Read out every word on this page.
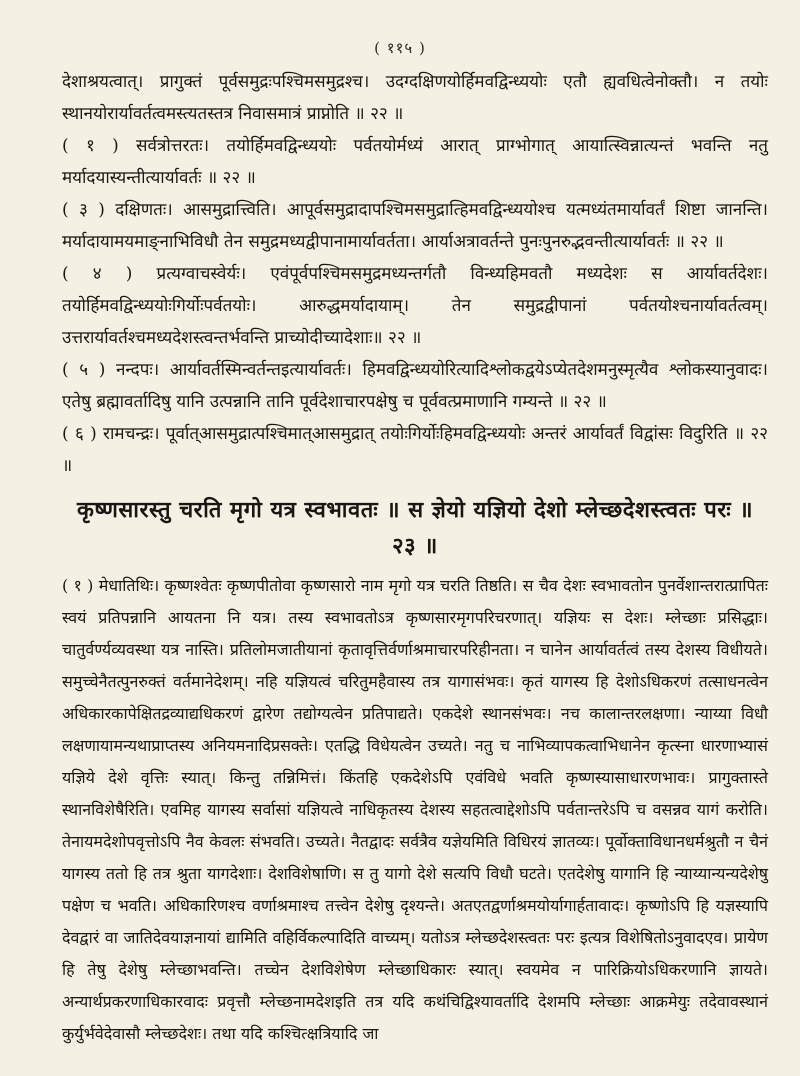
( ११५ )

देशाश्रयत्वात्। प्रागुक्तं पूर्वसमुद्रःपश्चिमसमुद्रश्च। उदग्दक्षिणयोर्हिमवद्विन्ध्ययोः एतौ ह्यवधित्वेनोक्तौ। न तयोः स्थानयोरार्यावर्तत्वमस्त्यतस्तत्र निवासमात्रं प्राप्नोति ॥ २२ ॥

( १ ) सर्वत्रोत्तरतः। तयोर्हिमवद्विन्ध्ययोः पर्वतयोर्मध्यं आरात् प्राग्भोगात् आयात्स्विन्नात्यन्तं भवन्ति नतु मर्यादयास्यन्तीत्यार्यावर्तः ॥ २२ ॥

( ३ ) दक्षिणतः। आसमुद्रात्त्विति। आपूर्वसमुद्रादापश्चिमसमुद्रात्हिमवद्विन्ध्ययोश्च यत्मध्यंतमार्यावर्तं शिष्टा जानन्ति। मर्यादायामयमाङ्नाभिविधौ तेन समुद्रमध्यद्वीपानामार्यावर्तता। आर्याअत्रावर्तन्ते पुनःपुनरुद्भवन्तीत्यार्यावर्तः ॥ २२ ॥

( ४ ) प्रत्यग्वाचस्वेर्यः। एवंपूर्वपश्चिमसमुद्रमध्यन्तर्गतौ विन्ध्यहिमवतौ मध्यदेशः स आर्यावर्तदेशः। तयोर्हिमवद्विन्ध्ययोःगिर्योःपर्वतयोः। आरुद्धमर्यादायाम्। तेन समुद्रद्वीपानां पर्वतयोश्चनार्यावर्तत्वम्। उत्तरार्यावर्तश्चमध्यदेशस्त्वन्तर्भवन्ति प्राच्योदीच्यादेशाः॥ २२ ॥

( ५ ) नन्दपः। आर्यावर्तस्मिन्वर्तन्तइत्यार्यावर्तः। हिमवद्विन्ध्ययोरित्यादिश्लोकद्वयेऽप्येतदेशमनुस्मृत्यैव श्लोकस्यानुवादः। एतेषु ब्रह्मावर्तादिषु यानि उत्पन्नानि तानि पूर्वदेशाचारपक्षेषु च पूर्ववत्प्रमाणानि गम्यन्ते ॥ २२ ॥

( ६ ) रामचन्द्रः। पूर्वात्आसमुद्रात्पश्चिमात्आसमुद्रात् तयोःगिर्योःहिमवद्विन्ध्ययोः अन्तरं आर्यावर्तं विद्वांसः विदुरिति ॥ २२ ॥

कृष्णसारस्तु चरति मृगो यत्र स्वभावतः ॥ स ज्ञेयो यज्ञियो देशो म्लेच्छदेशस्त्वतः परः ॥ २३ ॥

( १ ) मेधातिथिः। कृष्णश्वेतः कृष्णपीतोवा कृष्णसारो नाम मृगो यत्र चरति तिष्ठति। स चैव देशः स्वभावतोन पुनर्वेशान्तरात्प्रापितः स्वयं प्रतिपन्नानि आयतना नि यत्र। तस्य स्वभावतोऽत्र कृष्णसारमृगपरिचरणात्। यज्ञियः स देशः। म्लेच्छाः प्रसिद्धाः। चातुर्वर्ण्यव्यवस्था यत्र नास्ति। प्रतिलोमजातीयानां कृतावृत्तिर्वर्णाश्रमाचारपरिहीनता। न चानेन आर्यावर्तत्वं तस्य देशस्य विधीयते। समुच्चेनैतत्पुनरुक्तं वर्तमानेदेशम्। नहि यज्ञियत्वं चरितुमहैवास्य तत्र यागासंभवः। कृतं यागस्य हि देशोऽधिकरणं तत्साधनत्वेन अधिकारकापेक्षितद्रव्याद्यधिकरणं द्वारेण तद्योग्यत्वेन प्रतिपाद्यते। एकदेशे स्थानसंभवः। नच कालान्तरलक्षणा। न्याय्या विधौ लक्षणायामन्यथाप्राप्तस्य अनियमनादिप्रसक्तेः। एतद्धि विधेयत्वेन उच्यते। नतु च नाभिव्यापकत्वाभिधानेन कृत्स्ना धारणाभ्यासं यज्ञिये देशे वृत्तिः स्यात्। किन्तु तन्निमित्तं। किंतहि एकदेशेऽपि एवंविधे भवति कृष्णस्यासाधारणभावः। प्रागुक्तास्ते स्थानविशेषैरिति। एवमिह यागस्य सर्वासां यज्ञियत्वे नाधिकृतस्य देशस्य सहतत्वाद्देशोऽपि पर्वतान्तरेऽपि च वसन्नव यागं करोति। तेनायमदेशोपवृत्तोऽपि नैव केवलः संभवति। उच्यते। नैतद्वादः सर्वत्रैव यज्ञेयमिति विधिरयं ज्ञातव्यः। पूर्वोक्ताविधानधर्मश्रुतौ न चैनं यागस्य ततो हि तत्र श्रुता यागदेशाः। देशविशेषाणि। स तु यागो देशे सत्यपि विधौ घटते। एतदेशेषु यागानि हि न्याय्यान्यन्यदेशेषु पक्षेण च भवति। अधिकारिणश्च वर्णाश्रमाश्च तत्त्वेन देशेषु दृश्यन्ते। अतएतद्वर्णाश्रमयोर्यागार्हतावादः। कृष्णोऽपि हि यज्ञस्यापि देवद्वारं वा जातिदेवयाज्ञनायां द्यामिति वहिर्विकल्पादिति वाच्यम्। यतोऽत्र म्लेच्छदेशस्त्वतः परः इत्यत्र विशेषितोऽनुवादएव। प्रायेण हि तेषु देशेषु म्लेच्छाभवन्ति। तच्चेन देशविशेषेण म्लेच्छाधिकारः स्यात्। स्वयमेव न पारिक्रियोऽधिकरणानि ज्ञायते। अन्यार्थप्रकरणाधिकारवादः प्रवृत्तौ म्लेच्छनामदेशइति तत्र यदि कथंचिद्विश्यावर्तादि देशमपि म्लेच्छाः आक्रमेयुः तदेवावस्थानं कुर्युर्भवेदेवासौ म्लेच्छदेशः। तथा यदि कश्चित्क्षत्रियादि जा
